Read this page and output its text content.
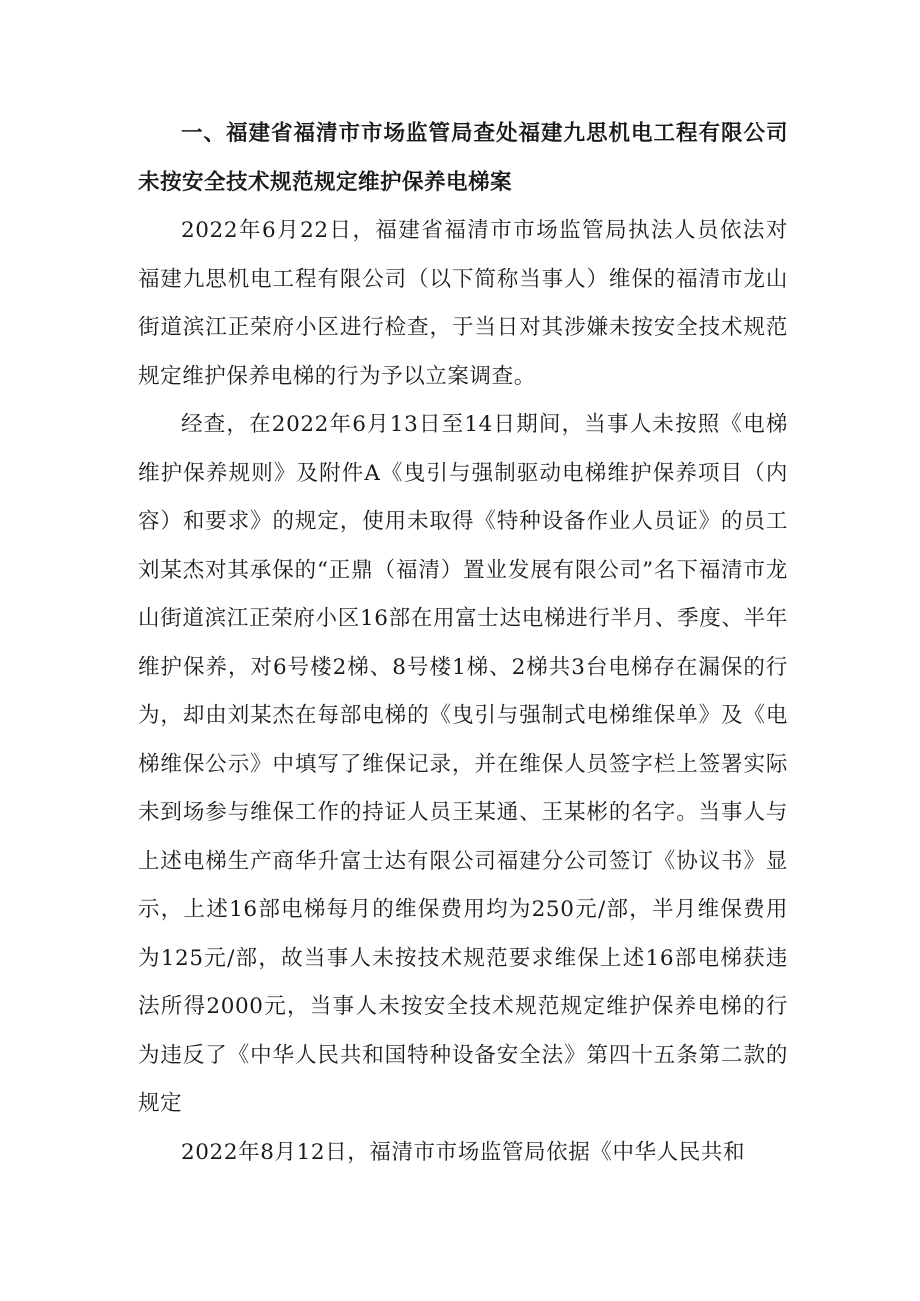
一、福建省福清市市场监管局查处福建九思机电工程有限公司未按安全技术规范规定维护保养电梯案

2022年6月22日，福建省福清市市场监管局执法人员依法对福建九思机电工程有限公司（以下简称当事人）维保的福清市龙山街道滨江正荣府小区进行检查，于当日对其涉嫌未按安全技术规范规定维护保养电梯的行为予以立案调查。

经查，在2022年6月13日至14日期间，当事人未按照《电梯维护保养规则》及附件A《曳引与强制驱动电梯维护保养项目（内容）和要求》的规定，使用未取得《特种设备作业人员证》的员工刘某杰对其承保的“正鼎（福清）置业发展有限公司”名下福清市龙山街道滨江正荣府小区16部在用富士达电梯进行半月、季度、半年维护保养，对6号楼2梯、8号楼1梯、2梯共3台电梯存在漏保的行为，却由刘某杰在每部电梯的《曳引与强制式电梯维保单》及《电梯维保公示》中填写了维保记录，并在维保人员签字栏上签署实际未到场参与维保工作的持证人员王某通、王某彬的名字。当事人与上述电梯生产商华升富士达有限公司福建分公司签订《协议书》显示，上述16部电梯每月的维保费用均为250元/部，半月维保费用为125元/部，故当事人未按技术规范要求维保上述16部电梯获违法所得2000元，当事人未按安全技术规范规定维护保养电梯的行为违反了《中华人民共和国特种设备安全法》第四十五条第二款的规定

2022年8月12日，福清市市场监管局依据《中华人民共和
